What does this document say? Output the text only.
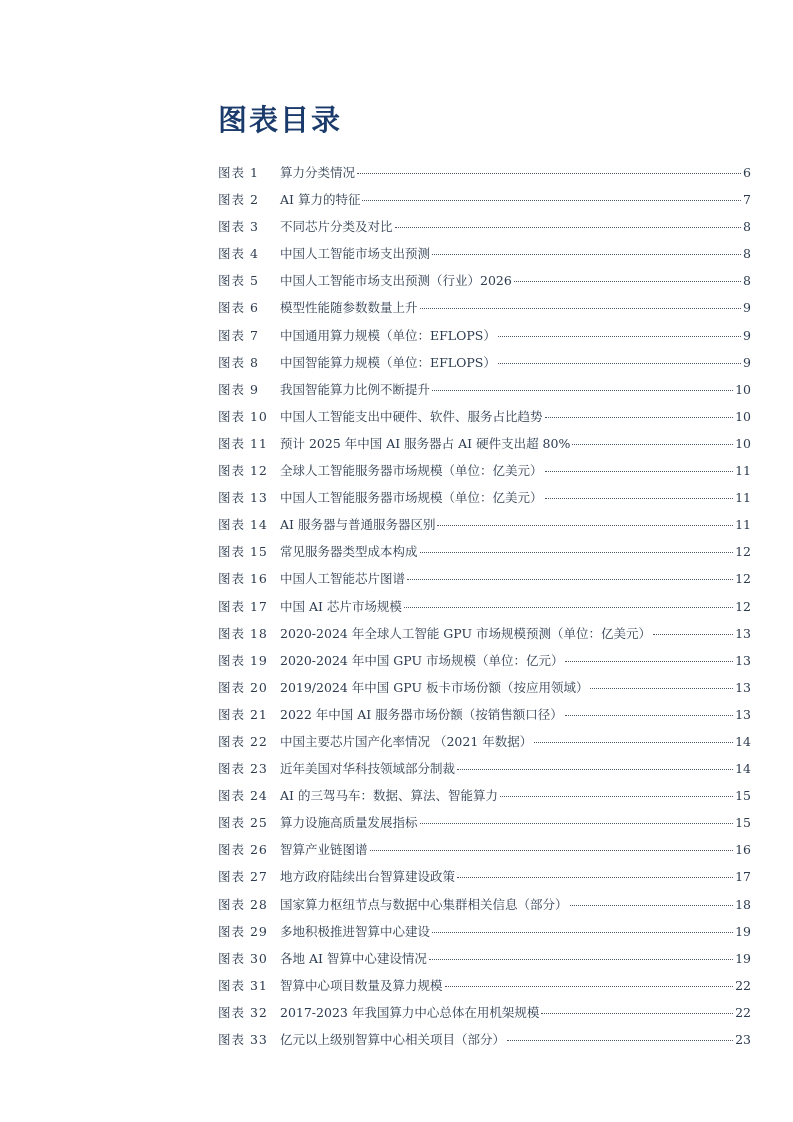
图表目录
图表 1	算力分类情况	6
图表 2	AI 算力的特征	7
图表 3	不同芯片分类及对比	8
图表 4	中国人工智能市场支出预测	8
图表 5	中国人工智能市场支出预测（行业）2026	8
图表 6	模型性能随参数数量上升	9
图表 7	中国通用算力规模（单位：EFLOPS）	9
图表 8	中国智能算力规模（单位：EFLOPS）	9
图表 9	我国智能算力比例不断提升	10
图表 10 中国人工智能支出中硬件、软件、服务占比趋势	10
图表 11 预计 2025 年中国 AI 服务器占 AI 硬件支出超 80%	10
图表 12 全球人工智能服务器市场规模（单位：亿美元）	11
图表 13 中国人工智能服务器市场规模（单位：亿美元）	11
图表 14 AI 服务器与普通服务器区别	11
图表 15 常见服务器类型成本构成	12
图表 16 中国人工智能芯片图谱	12
图表 17 中国 AI 芯片市场规模	12
图表 18 2020-2024 年全球人工智能 GPU 市场规模预测（单位：亿美元）	13
图表 19 2020-2024 年中国 GPU 市场规模（单位：亿元）	13
图表 20 2019/2024 年中国 GPU 板卡市场份额（按应用领域）	13
图表 21 2022 年中国 AI 服务器市场份额（按销售额口径）	13
图表 22 中国主要芯片国产化率情况 （2021 年数据）	14
图表 23 近年美国对华科技领域部分制裁	14
图表 24 AI 的三驾马车：数据、算法、智能算力	15
图表 25 算力设施高质量发展指标	15
图表 26 智算产业链图谱	16
图表 27 地方政府陆续出台智算建设政策	17
图表 28 国家算力枢纽节点与数据中心集群相关信息（部分）	18
图表 29 多地积极推进智算中心建设	19
图表 30 各地 AI 智算中心建设情况	19
图表 31 智算中心项目数量及算力规模	22
图表 32 2017-2023 年我国算力中心总体在用机架规模	22
图表 33 亿元以上级别智算中心相关项目（部分）	23
